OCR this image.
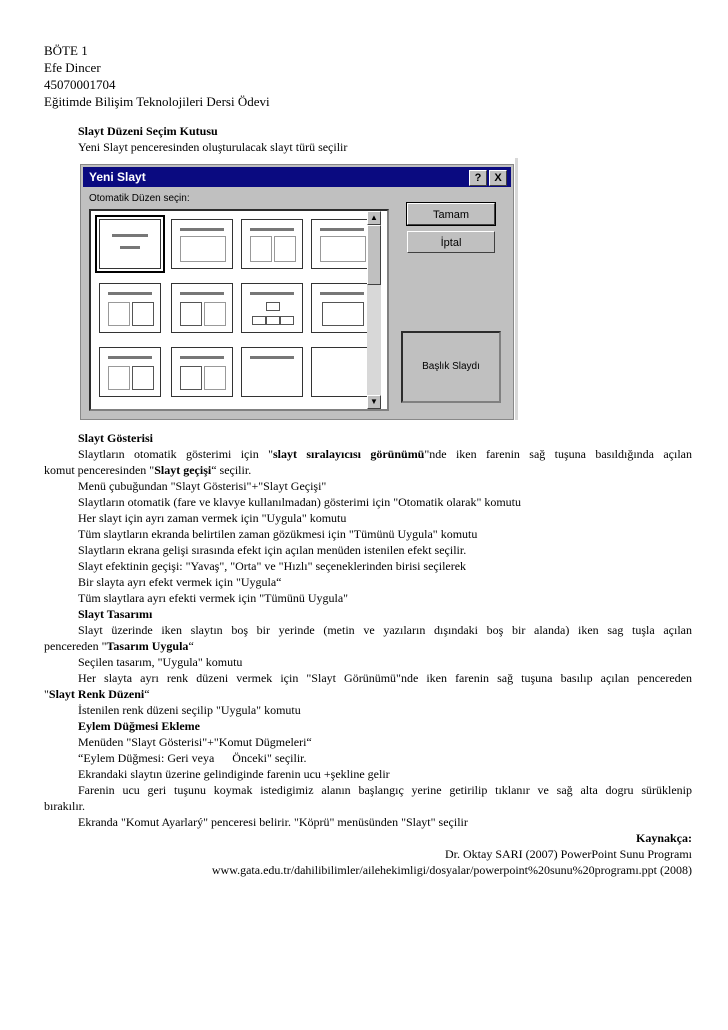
BÖTE 1
Efe Dincer
45070001704
Eğitimde Bilişim Teknolojileri Dersi Ödevi
Slayt Düzeni Seçim Kutusu
Yeni Slayt penceresinden oluşturulacak slayt türü seçilir
Yeni Slayt	?	X
Otomatik Düzen seçin:
▲
▼
Tamam
İptal
Başlık Slaydı
Slayt Gösterisi
Slaytların otomatik gösterimi için "slayt sıralayıcısı görünümü"nde iken farenin sağ tuşuna basıldığında açılan
komut penceresinden "Slayt geçişi“ seçilir.
Menü çubuğundan "Slayt Gösterisi"+"Slayt Geçişi"
Slaytların otomatik (fare ve klavye kullanılmadan) gösterimi için "Otomatik olarak" komutu
Her slayt için ayrı zaman vermek için "Uygula" komutu
Tüm slaytların ekranda belirtilen zaman gözükmesi için "Tümünü Uygula" komutu
Slaytların ekrana gelişi sırasında efekt için açılan menüden istenilen efekt seçilir.
Slayt efektinin geçişi: "Yavaş", "Orta" ve "Hızlı" seçeneklerinden birisi seçilerek
Bir slayta ayrı efekt vermek için "Uygula“
Tüm slaytlara ayrı efekti vermek için "Tümünü Uygula"
Slayt Tasarımı
Slayt üzerinde iken slaytın boş bir yerinde (metin ve yazıların dışındaki boş bir alanda) iken sag tuşla açılan
pencereden "Tasarım Uygula“
Seçilen tasarım, "Uygula" komutu
Her slayta ayrı renk düzeni vermek için "Slayt Görünümü"nde iken farenin sağ tuşuna basılıp açılan pencereden
"Slayt Renk Düzeni“
İstenilen renk düzeni seçilip "Uygula" komutu
Eylem Düğmesi Ekleme
Menüden "Slayt Gösterisi"+"Komut Dügmeleri“
“Eylem Düğmesi: Geri veya      Önceki" seçilir.
Ekrandaki slaytın üzerine gelindiginde farenin ucu +şekline gelir
Farenin ucu geri tuşunu koymak istedigimiz alanın başlangıç yerine getirilip tıklanır ve sağ alta dogru sürüklenip
bırakılır.
Ekranda "Komut Ayarlarý" penceresi belirir. "Köprü" menüsünden "Slayt" seçilir
Kaynakça:
Dr. Oktay SARI (2007) PowerPoint Sunu Programı
www.gata.edu.tr/dahilibilimler/ailehekimligi/dosyalar/powerpoint%20sunu%20programı.ppt (2008)
